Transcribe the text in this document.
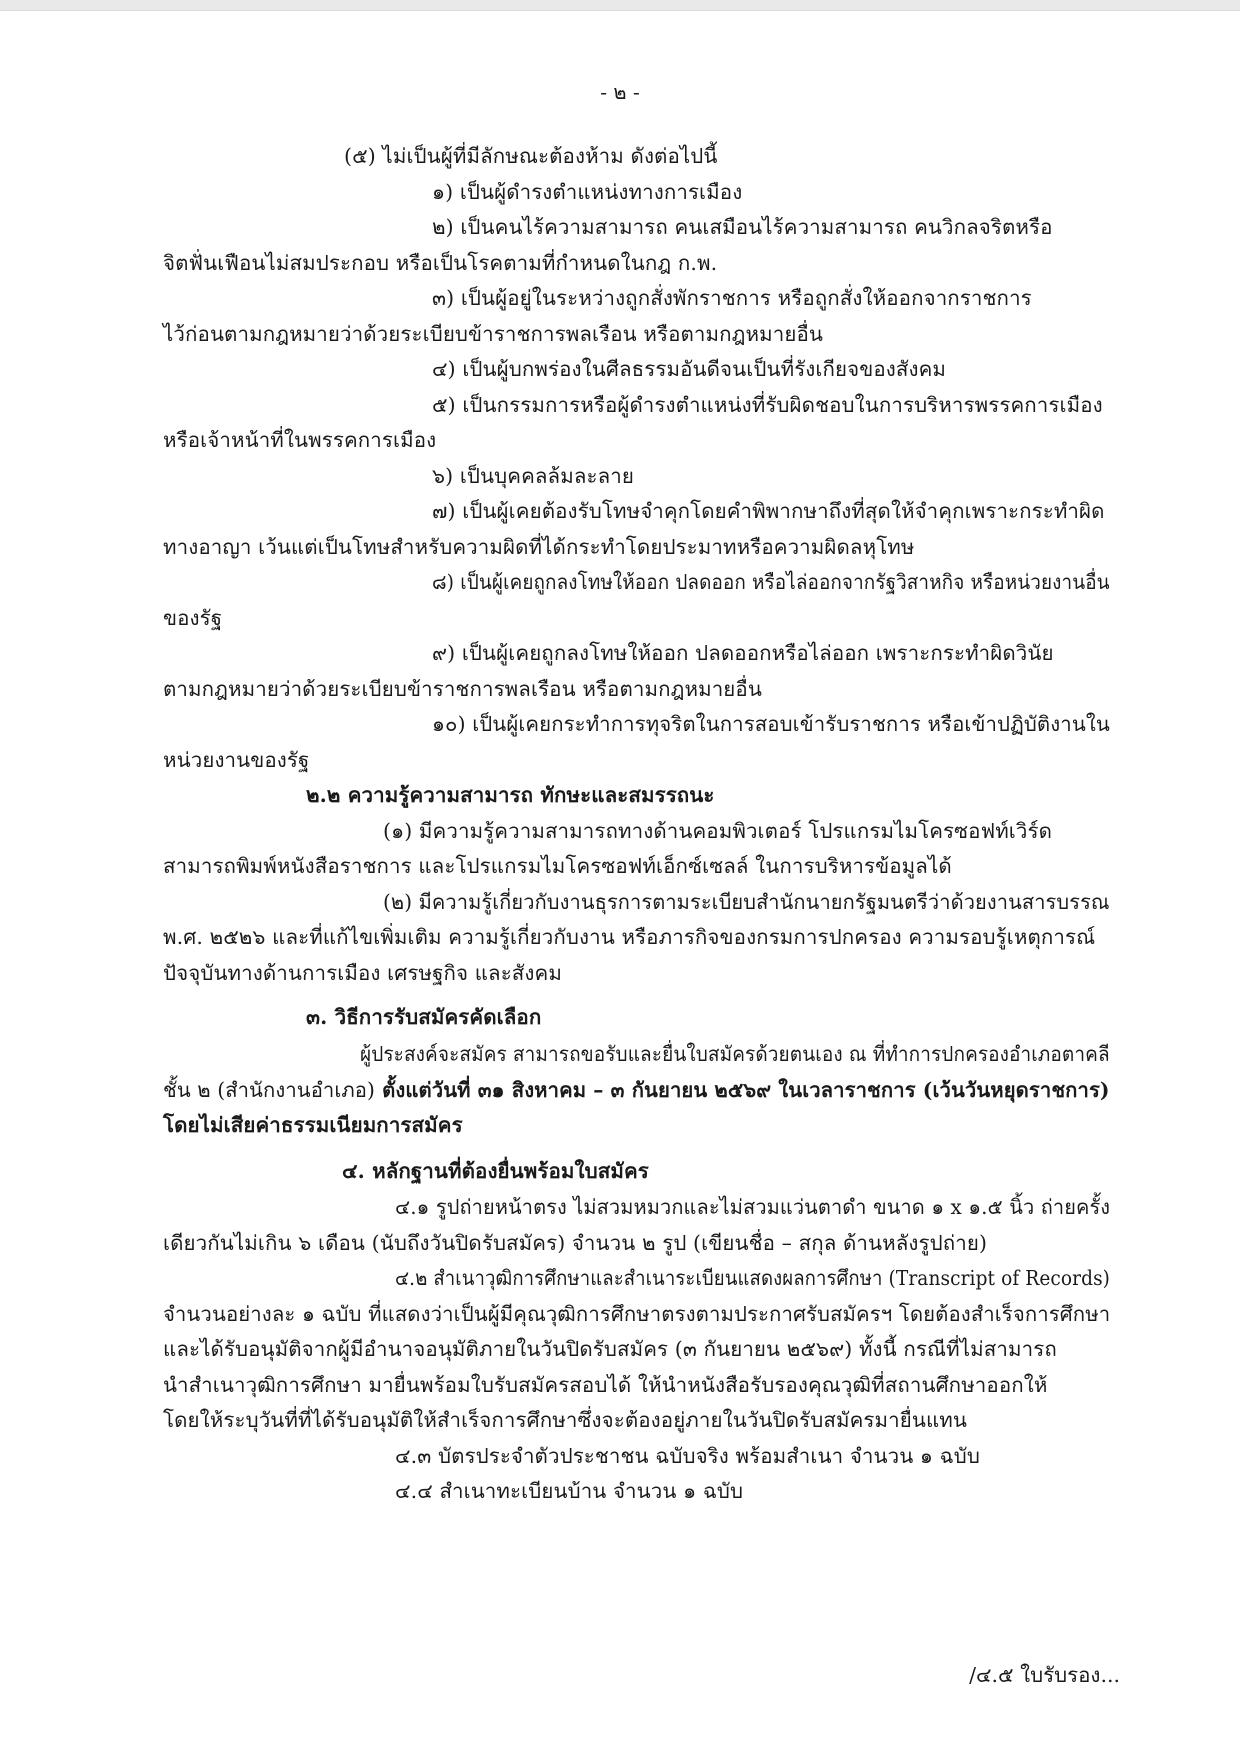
- ๒ -

(๕) ไม่เป็นผู้ที่มีลักษณะต้องห้าม ดังต่อไปนี้

๑) เป็นผู้ดำรงตำแหน่งทางการเมือง

๒) เป็นคนไร้ความสามารถ คนเสมือนไร้ความสามารถ คนวิกลจริตหรือ

จิตฟั่นเฟือนไม่สมประกอบ หรือเป็นโรคตามที่กำหนดในกฎ ก.พ.

๓) เป็นผู้อยู่ในระหว่างถูกสั่งพักราชการ หรือถูกสั่งให้ออกจากราชการ

ไว้ก่อนตามกฎหมายว่าด้วยระเบียบข้าราชการพลเรือน หรือตามกฎหมายอื่น

๔) เป็นผู้บกพร่องในศีลธรรมอันดีจนเป็นที่รังเกียจของสังคม

๕) เป็นกรรมการหรือผู้ดำรงตำแหน่งที่รับผิดชอบในการบริหารพรรคการเมือง

หรือเจ้าหน้าที่ในพรรคการเมือง

๖) เป็นบุคคลล้มละลาย

๗) เป็นผู้เคยต้องรับโทษจำคุกโดยคำพิพากษาถึงที่สุดให้จำคุกเพราะกระทำผิด

ทางอาญา เว้นแต่เป็นโทษสำหรับความผิดที่ได้กระทำโดยประมาทหรือความผิดลหุโทษ

๘) เป็นผู้เคยถูกลงโทษให้ออก ปลดออก หรือไล่ออกจากรัฐวิสาหกิจ หรือหน่วยงานอื่น

ของรัฐ

๙) เป็นผู้เคยถูกลงโทษให้ออก ปลดออกหรือไล่ออก เพราะกระทำผิดวินัย

ตามกฎหมายว่าด้วยระเบียบข้าราชการพลเรือน หรือตามกฎหมายอื่น

๑๐) เป็นผู้เคยกระทำการทุจริตในการสอบเข้ารับราชการ หรือเข้าปฏิบัติงานใน

หน่วยงานของรัฐ

๒.๒ ความรู้ความสามารถ ทักษะและสมรรถนะ

(๑) มีความรู้ความสามารถทางด้านคอมพิวเตอร์ โปรแกรมไมโครซอฟท์เวิร์ด

สามารถพิมพ์หนังสือราชการ และโปรแกรมไมโครซอฟท์เอ็กซ์เซลล์ ในการบริหารข้อมูลได้

(๒) มีความรู้เกี่ยวกับงานธุรการตามระเบียบสำนักนายกรัฐมนตรีว่าด้วยงานสารบรรณ

พ.ศ. ๒๕๒๖ และที่แก้ไขเพิ่มเติม ความรู้เกี่ยวกับงาน หรือภารกิจของกรมการปกครอง ความรอบรู้เหตุการณ์

ปัจจุบันทางด้านการเมือง เศรษฐกิจ และสังคม

๓. วิธีการรับสมัครคัดเลือก

ผู้ประสงค์จะสมัคร สามารถขอรับและยื่นใบสมัครด้วยตนเอง ณ ที่ทำการปกครองอำเภอตาคลี

ชั้น ๒ (สำนักงานอำเภอ) ตั้งแต่วันที่ ๓๑ สิงหาคม – ๓ กันยายน ๒๕๖๙ ในเวลาราชการ (เว้นวันหยุดราชการ)

โดยไม่เสียค่าธรรมเนียมการสมัคร

๔. หลักฐานที่ต้องยื่นพร้อมใบสมัคร

๔.๑ รูปถ่ายหน้าตรง ไม่สวมหมวกและไม่สวมแว่นตาดำ ขนาด ๑ x ๑.๕ นิ้ว ถ่ายครั้ง

เดียวกันไม่เกิน ๖ เดือน (นับถึงวันปิดรับสมัคร) จำนวน ๒ รูป (เขียนชื่อ – สกุล ด้านหลังรูปถ่าย)

๔.๒ สำเนาวุฒิการศึกษาและสำเนาระเบียนแสดงผลการศึกษา (Transcript of Records)

จำนวนอย่างละ ๑ ฉบับ ที่แสดงว่าเป็นผู้มีคุณวุฒิการศึกษาตรงตามประกาศรับสมัครฯ โดยต้องสำเร็จการศึกษา

และได้รับอนุมัติจากผู้มีอำนาจอนุมัติภายในวันปิดรับสมัคร (๓ กันยายน ๒๕๖๙) ทั้งนี้ กรณีที่ไม่สามารถ

นำสำเนาวุฒิการศึกษา มายื่นพร้อมใบรับสมัครสอบได้ ให้นำหนังสือรับรองคุณวุฒิที่สถานศึกษาออกให้

โดยให้ระบุวันที่ที่ได้รับอนุมัติให้สำเร็จการศึกษาซึ่งจะต้องอยู่ภายในวันปิดรับสมัครมายื่นแทน

๔.๓ บัตรประจำตัวประชาชน ฉบับจริง พร้อมสำเนา จำนวน ๑ ฉบับ

๔.๔ สำเนาทะเบียนบ้าน จำนวน ๑ ฉบับ

/๔.๕ ใบรับรอง...
